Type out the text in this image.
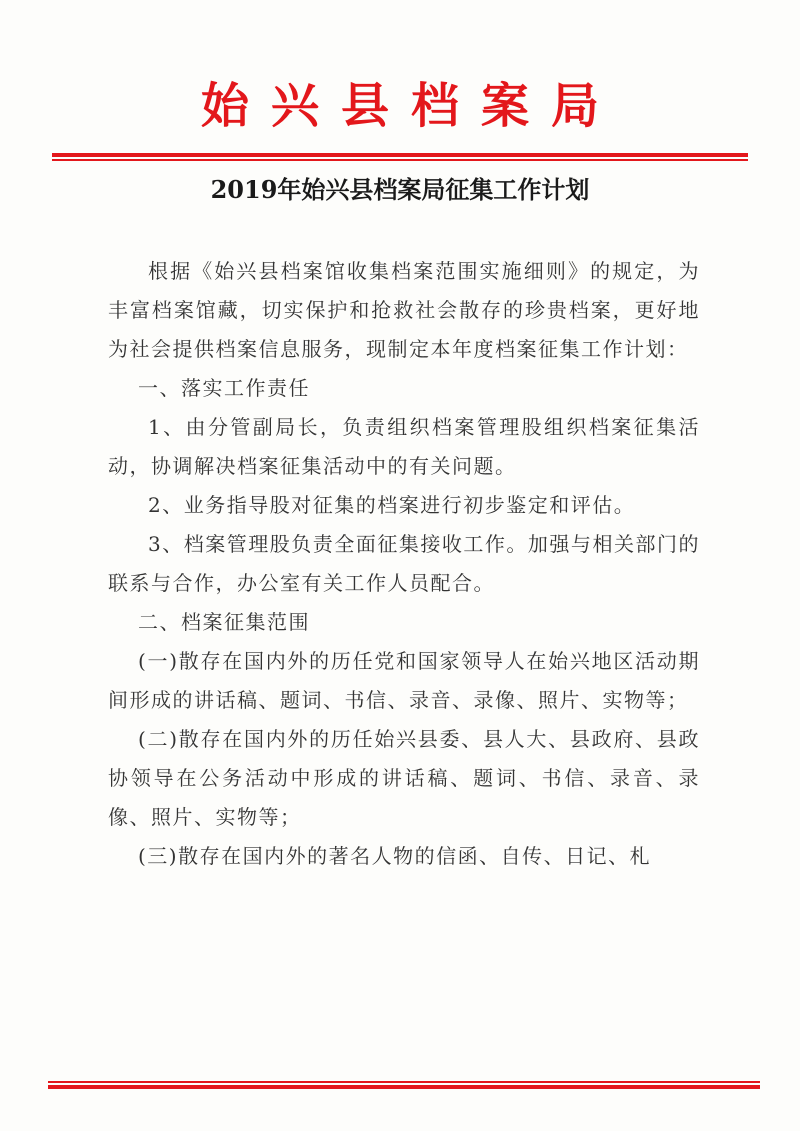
始兴县档案局
2019年始兴县档案局征集工作计划

根据《始兴县档案馆收集档案范围实施细则》的规定，为丰富档案馆藏，切实保护和抢救社会散存的珍贵档案，更好地为社会提供档案信息服务，现制定本年度档案征集工作计划：

一、落实工作责任

1、由分管副局长，负责组织档案管理股组织档案征集活动，协调解决档案征集活动中的有关问题。

2、业务指导股对征集的档案进行初步鉴定和评估。

3、档案管理股负责全面征集接收工作。加强与相关部门的联系与合作，办公室有关工作人员配合。

二、档案征集范围

(一)散存在国内外的历任党和国家领导人在始兴地区活动期间形成的讲话稿、题词、书信、录音、录像、照片、实物等；

(二)散存在国内外的历任始兴县委、县人大、县政府、县政协领导在公务活动中形成的讲话稿、题词、书信、录音、录像、照片、实物等；

(三)散存在国内外的著名人物的信函、自传、日记、札
